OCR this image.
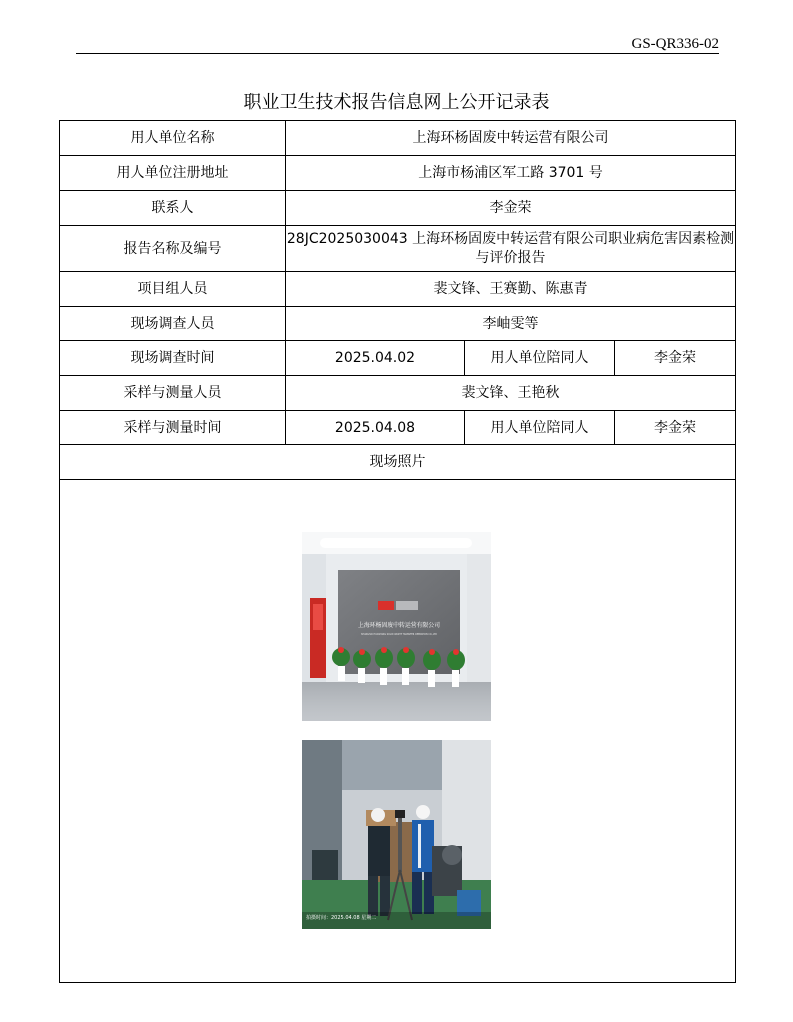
GS-QR336-02
职业卫生技术报告信息网上公开记录表
用人单位名称	上海环杨固废中转运营有限公司		
用人单位注册地址	上海市杨浦区军工路 3701 号		
联系人	李金荣		
报告名称及编号	28JC2025030043 上海环杨固废中转运营有限公司职业病危害因素检测与评价报告		
项目组人员	裴文锋、王赛勤、陈惠青		
现场调查人员	李岫雯等		
现场调查时间	2025.04.02	用人单位陪同人	李金荣
采样与测量人员	裴文锋、王艳秋		
采样与测量时间	2025.04.08	用人单位陪同人	李金荣
现场照片			

上海环杨固废中转运营有限公司
SHANGHAI HUANYANG SOLID WASTE TRANSFER OPERATION CO.,LTD
拍摄时间：2025.04.08 星期二			
